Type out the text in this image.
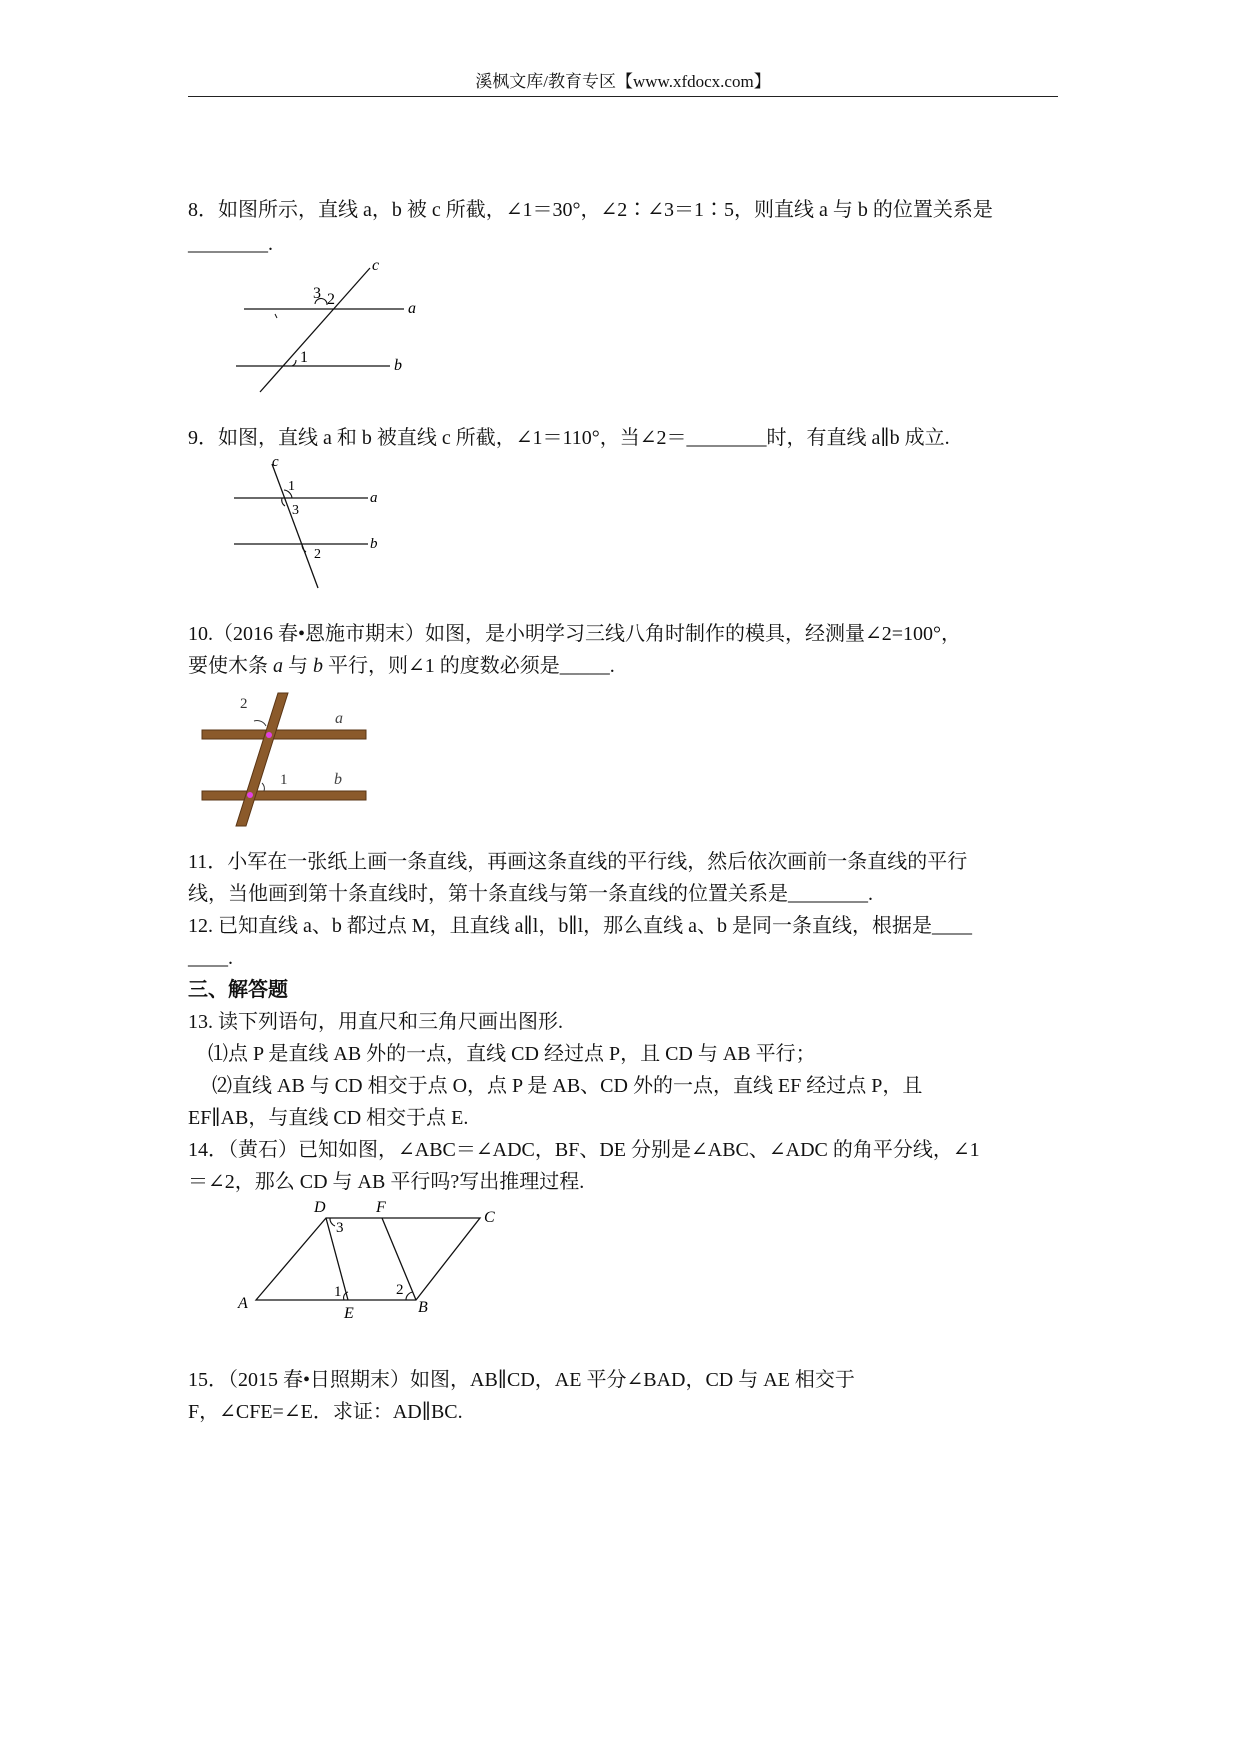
溪枫文库/教育专区【www.xfdocx.com】
8．如图所示，直线 a，b 被 c 所截，∠1＝30°，∠2∶∠3＝1∶5，则直线 a 与 b 的位置关系是
________.
c
3 2
a
1	b
9．如图，直线 a 和 b 被直线 c 所截，∠1＝110°，当∠2＝________时，有直线 a∥b 成立.
c
1
a
3
b
2
10.（2016 春•恩施市期末）如图，是小明学习三线八角时制作的模具，经测量∠2=100°，
要使木条 a 与 b 平行，则∠1 的度数必须是_____.
2
a
1	b
11．小军在一张纸上画一条直线，再画这条直线的平行线，然后依次画前一条直线的平行
线，当他画到第十条直线时，第十条直线与第一条直线的位置关系是________.
12. 已知直线 a、b 都过点 M，且直线 a∥l，b∥l，那么直线 a、b 是同一条直线，根据是____
____.
三、解答题
13. 读下列语句，用直尺和三角尺画出图形.
⑴点 P 是直线 AB 外的一点，直线 CD 经过点 P，且 CD 与 AB 平行；
⑵直线 AB 与 CD 相交于点 O，点 P 是 AB、CD 外的一点，直线 EF 经过点 P，且
EF∥AB，与直线 CD 相交于点 E.
14．（黄石）已知如图，∠ABC＝∠ADC，BF、DE 分别是∠ABC、∠ADC 的角平分线，∠1
＝∠2，那么 CD 与 AB 平行吗?写出推理过程.
D	F
C
3
1	2
A
E	B
15．（2015 春•日照期末）如图，AB∥CD，AE 平分∠BAD，CD 与 AE 相交于
F，∠CFE=∠E．求证：AD∥BC.
